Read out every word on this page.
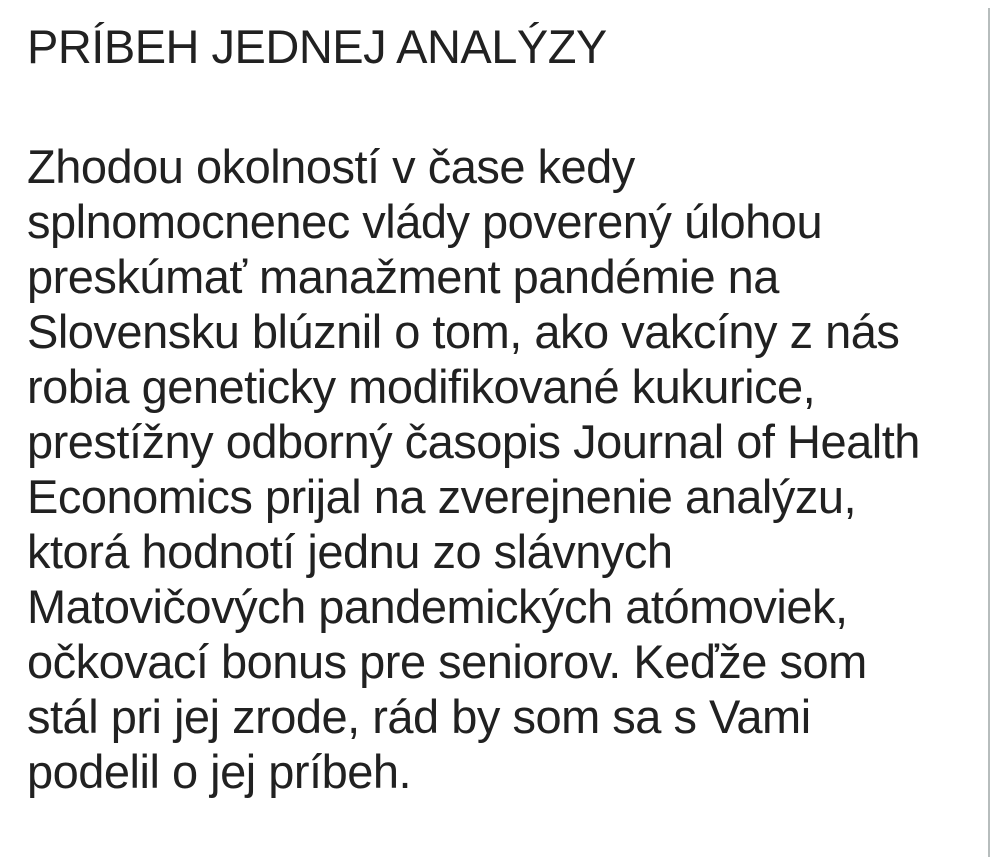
PRÍBEH JEDNEJ ANALÝZY
Zhodou okolností v čase kedy
splnomocnenec vlády poverený úlohou
preskúmať manažment pandémie na
Slovensku blúznil o tom, ako vakcíny z nás
robia geneticky modifikované kukurice,
prestížny odborný časopis Journal of Health
Economics prijal na zverejnenie analýzu,
ktorá hodnotí jednu zo slávnych
Matovičových pandemických atómoviek,
očkovací bonus pre seniorov. Keďže som
stál pri jej zrode, rád by som sa s Vami
podelil o jej príbeh.
